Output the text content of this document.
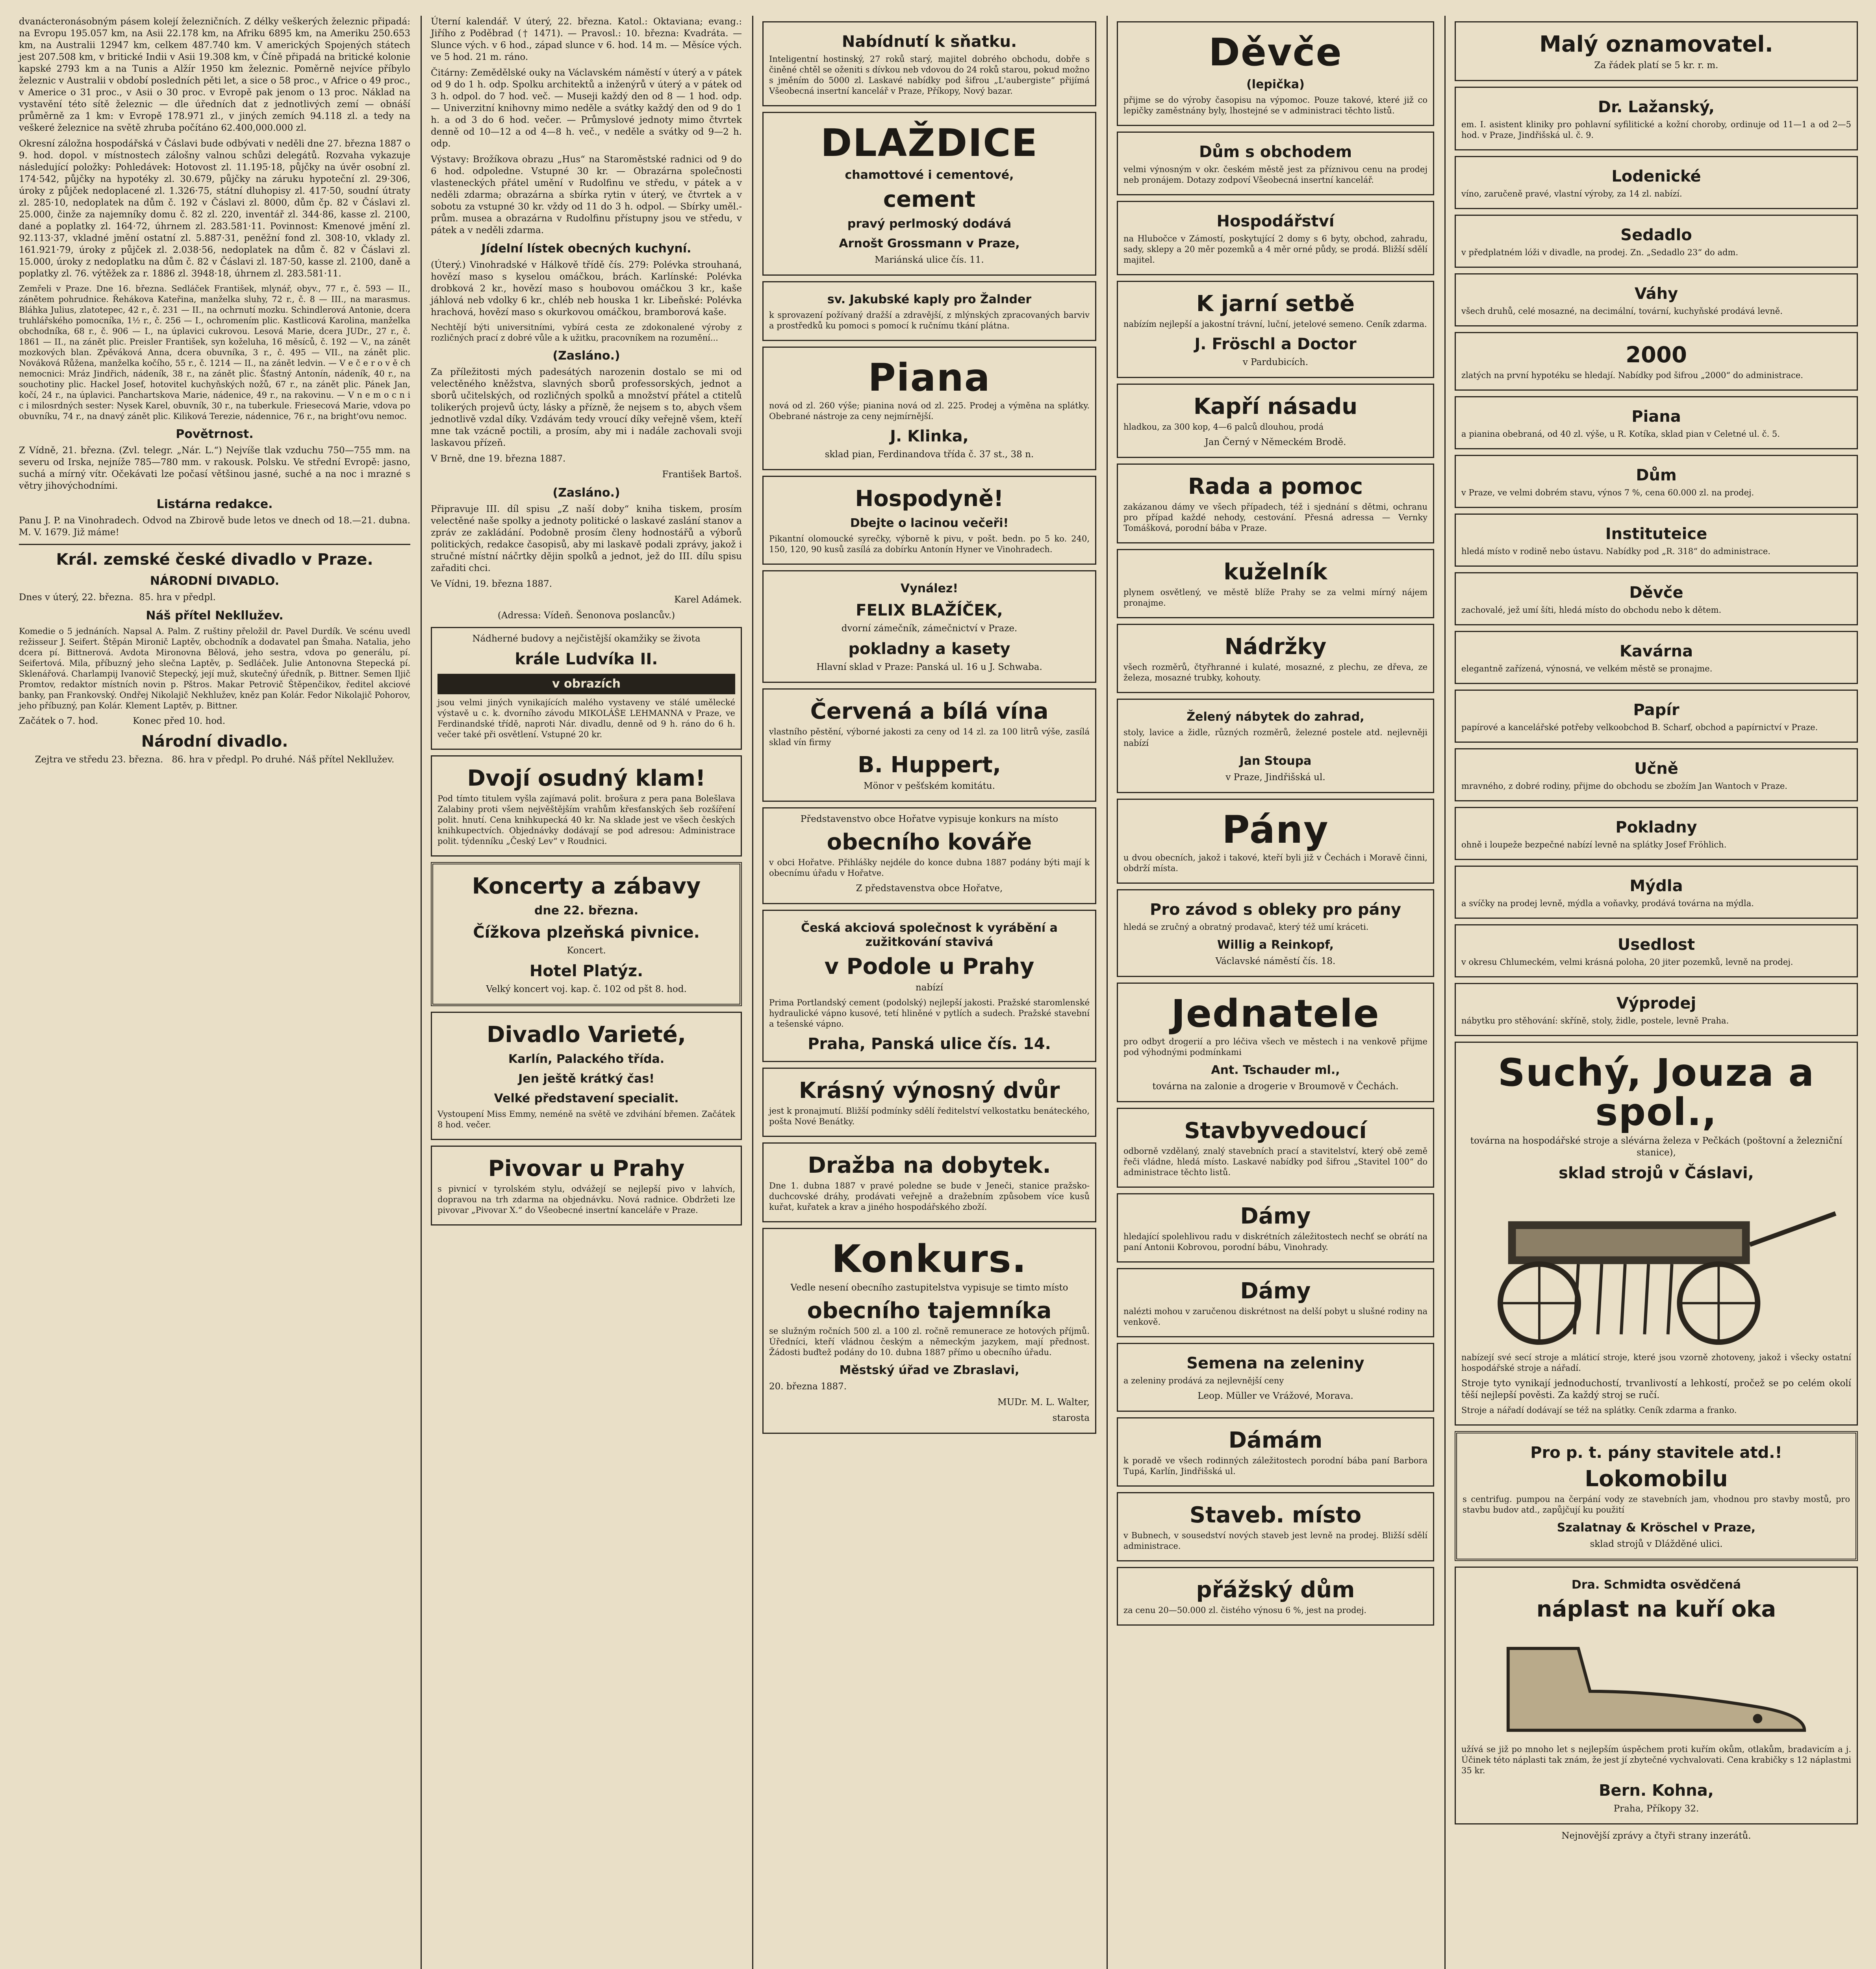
dvanácteronásobným pásem kolejí železničních. Z délky veškerých železnic připadá: na Evropu 195.057 km, na Asii 22.178 km, na Afriku 6895 km, na Ameriku 250.653 km, na Australii 12947 km, celkem 487.740 km. V amerických Spojených státech jest 207.508 km, v britické Indii v Asii 19.308 km, v Číně připadá na britické kolonie kapské 2793 km a na Tunis a Alžír 1950 km železnic. Poměrně nejvíce příbylo železnic v Australii v období posledních pěti let, a sice o 58 proc., v Africe o 49 proc., v Americe o 31 proc., v Asii o 30 proc. v Evropě pak jenom o 13 proc. Náklad na vystavění této sítě železnic — dle úředních dat z jednotlivých zemí — obnáší průměrně za 1 km: v Evropě 178.971 zl., v jiných zemích 94.118 zl. a tedy na veškeré železnice na světě zhruba počítáno 62.400,000.000 zl.

Okresní záložna hospodářská v Čáslavi bude odbývati v neděli dne 27. března 1887 o 9. hod. dopol. v místnostech zálošny valnou schůzi delegátů. Rozvaha vykazuje následující položky: Pohledávek: Hotovost zl. 11.195·18, půjčky na úvěr osobní zl. 174·542, půjčky na hypotéky zl. 30.679, půjčky na záruku hypoteční zl. 29·306, úroky z půjček nedoplacené zl. 1.326·75, státní dluhopisy zl. 417·50, soudní útraty zl. 285·10, nedoplatek na dům č. 192 v Čáslavi zl. 8000, dům čp. 82 v Čáslavi zl. 25.000, činže za najemníky domu č. 82 zl. 220, inventář zl. 344·86, kasse zl. 2100, dané a poplatky zl. 164·72, úhrnem zl. 283.581·11. Povinnost: Kmenové jmění zl. 92.113·37, vkladné jmění ostatní zl. 5.887·31, peněžní fond zl. 308·10, vklady zl. 161.921·79, úroky z půjček zl. 2.038·56, nedoplatek na dům č. 82 v Čáslavi zl. 15.000, úroky z nedoplatku na dům č. 82 v Čáslavi zl. 187·50, kasse zl. 2100, daně a poplatky zl. 76. výtěžek za r. 1886 zl. 3948·18, úhrnem zl. 283.581·11.

Zemřeli v Praze. Dne 16. března. Sedláček František, mlynář, obyv., 77 r., č. 593 — II., zánětem pohrudnice. Řehákova Kateřina, manželka sluhy, 72 r., č. 8 — III., na marasmus. Bláhka Julius, zlatotepec, 42 r., č. 231 — II., na ochrnutí mozku. Schindlerová Antonie, dcera truhlářského pomocníka, 1½ r., č. 256 — I., ochromením plic. Kastlicová Karolina, manželka obchodníka, 68 r., č. 906 — I., na úplavici cukrovou. Lesová Marie, dcera JUDr., 27 r., č. 1861 — II., na zánět plic. Preisler František, syn koželuha, 16 měsíců, č. 192 — V., na zánět mozkových blan. Zpěváková Anna, dcera obuvníka, 3 r., č. 495 — VII., na zánět plic. Nováková Růžena, manželka kočího, 55 r., č. 1214 — II., na zánět ledvin. — V e č e r o v ě ch nemocnici: Mráz Jindřich, nádeník, 38 r., na zánět plic. Šťastný Antonín, nádeník, 40 r., na souchotiny plic. Hackel Josef, hotovitel kuchyňských nožů, 67 r., na zánět plic. Pánek Jan, kočí, 24 r., na úplavici. Panchartskova Marie, nádenice, 49 r., na rakovinu. — V n e m o c n i c i milosrdných sester: Nysek Karel, obuvník, 30 r., na tuberkule. Friesecová Marie, vdova po obuvníku, 74 r., na dnavý zánět plic. Kiliková Terezie, nádennice, 76 r., na bright'ovu nemoc.

Povětrnost.

Z Vídně, 21. března. (Zvl. telegr. „Nár. L.“) Nejvíše tlak vzduchu 750—755 mm. na severu od Irska, nejníže 785—780 mm. v rakousk. Polsku. Ve střední Evropě: jasno, suchá a mírný vítr. Očekávati lze počasí většinou jasné, suché a na noc i mrazné s větry jihovýchodními.

Listárna redakce.

Panu J. P. na Vinohradech. Odvod na Zbirově bude letos ve dnech od 18.—21. dubna. M. V. 1679. Již máme!

Král. zemské české divadlo v Praze.
NÁRODNÍ DIVADLO.

Dnes v úterý, 22. března.  85. hra v předpl.

Náš přítel Nekllužev.

Komedie o 5 jednáních. Napsal A. Palm. Z ruštiny přeložil dr. Pavel Durdík. Ve scénu uvedl režisseur J. Seifert. Štěpán Mironič Laptěv, obchodník a dodavatel pan Šmaha. Natalia, jeho dcera pí. Bittnerová. Avdota Mironovna Bělová, jeho sestra, vdova po generálu, pí. Seifertová. Mila, příbuzný jeho slečna Laptěv, p. Sedláček. Julie Antonovna Stepecká pí. Sklenářová. Charlampij Ivanovič Stepecký, její muž, skutečný úředník, p. Bittner. Semen Iljič Promtov, redaktor místních novin p. Pštros. Makar Petrovič Štěpenčikov, ředitel akciové banky, pan Frankovský. Ondřej Nikolajič Nekhlužev, kněz pan Kolár. Fedor Nikolajič Pohorov, jeho příbuzný, pan Kolár. Klement Laptěv, p. Bittner.

Začátek o 7. hod.            Konec před 10. hod.

Národní divadlo.

Zejtra ve středu 23. března.   86. hra v předpl. Po druhé. Náš přítel Nekllužev.

Úterní kalendář. V úterý, 22. března. Katol.: Oktaviana; evang.: Jiřího z Poděbrad († 1471). — Pravosl.: 10. března: Kvadráta. — Slunce vých. v 6 hod., západ slunce v 6. hod. 14 m. — Měsíce vých. ve 5 hod. 21 m. ráno.

Čitárny: Zemědělské ouky na Václavském náměstí v úterý a v pátek od 9 do 1 h. odp. Spolku architektů a inženýrů v úterý a v pátek od 3 h. odpol. do 7 hod. več. — Museji každý den od 8 — 1 hod. odp. — Univerzitní knihovny mimo neděle a svátky každý den od 9 do 1 h. a od 3 do 6 hod. večer. — Průmyslové jednoty mimo čtvrtek denně od 10—12 a od 4—8 h. več., v neděle a svátky od 9—2 h. odp.

Výstavy: Brožíkova obrazu „Hus“ na Staroměstské radnici od 9 do 6 hod. odpoledne. Vstupné 30 kr. — Obrazárna společnosti vlasteneckých přátel umění v Rudolfinu ve středu, v pátek a v neděli zdarma; obrazárna a sbírka rytin v úterý, ve čtvrtek a v sobotu za vstupné 30 kr. vždy od 11 do 3 h. odpol. — Sbírky uměl.-prům. musea a obrazárna v Rudolfinu přístupny jsou ve středu, v pátek a v neděli zdarma.

Jídelní lístek obecných kuchyní.

(Úterý.) Vinohradské v Hálkově třídě čís. 279: Polévka strouhaná, hovězí maso s kyselou omáčkou, brách. Karlínské: Polévka drobková 2 kr., hovězí maso s houbovou omáčkou 3 kr., kaše jáhlová neb vdolky 6 kr., chléb neb houska 1 kr. Libeňské: Polévka hrachová, hovězí maso s okurkovou omáčkou, bramborová kaše.

Nechtějí býti universitními, vybírá cesta ze zdokonalené výroby z rozličných prací z dobré vůle a k užitku, pracovníkem na rozumění...

(Zasláno.)

Za příležitosti mých padesátých narozenin dostalo se mi od velectěného kněžstva, slavných sborů professorských, jednot a sborů učitelských, od rozličných spolků a množství přátel a ctitelů tolikerých projevů úcty, lásky a přízně, že nejsem s to, abych všem jednotlivě vzdal díky. Vzdávám tedy vroucí díky veřejně všem, kteří mne tak vzácně poctili, a prosím, aby mi i nadále zachovali svoji laskavou přízeň.

V Brně, dne 19. března 1887.

František Bartoš.

(Zasláno.)

Připravuje III. díl spisu „Z naší doby“ kniha tiskem, prosím velectěné naše spolky a jednoty politické o laskavé zaslání stanov a zpráv ze zakládání. Podobně prosím členy hodnostářů a výborů politických, redakce časopisů, aby mi laskavě podali zprávy, jakož i stručné místní náčrtky dějin spolků a jednot, jež do III. dílu spisu zařaditi chci.

Ve Vídni, 19. března 1887.

Karel Adámek.

(Adressa: Vídeň. Šenonova poslancův.)

Nádherné budovy a nejčistější okamžiky se života

krále Ludvíka II.
v obrazích

jsou velmi jiných vynikajících malého vystaveny ve stálé umělecké výstavě u c. k. dvorního závodu MIKOLÁŠE LEHMANNA v Praze, ve Ferdinandské třídě, naproti Nár. divadlu, denně od 9 h. ráno do 6 h. večer také při osvětlení. Vstupné 20 kr.

Dvojí osudný klam!

Pod tímto titulem vyšla zajímavá polit. brošura z pera pana Bolešlava Zalabiny proti všem nejvěštějším vrahům křesťanských šeb rozšíření polit. hnutí. Cena knihkupecká 40 kr. Na sklade jest ve všech českých knihkupectvích. Objednávky dodávají se pod adresou: Administrace polit. týdenníku „Český Lev“ v Roudnici.

Koncerty a zábavy
dne 22. března.
Čížkova plzeňská pivnice.

Koncert.

Hotel Platýz.

Velký koncert voj. kap. č. 102 od pšt 8. hod.

Divadlo Varieté,
Karlín, Palackého třída.
Jen ještě krátký čas!
Velké představení specialit.

Vystoupení Miss Emmy, neméně na světě ve zdvihání břemen. Začátek 8 hod. večer.

Pivovar u Prahy

s pivnicí v tyrolském stylu, odvážejí se nejlepší pivo v lahvích, dopravou na trh zdarma na objednávku. Nová radnice. Obdržeti lze pivovar „Pivovar X.“ do Všeobecné insertní kanceláře v Praze.

Nabídnutí k sňatku.

Inteligentní hostinský, 27 roků starý, majitel dobrého obchodu, dobře s činěné chtěl se oženiti s dívkou neb vdovou do 24 roků starou, pokud možno s jměním do 5000 zl. Laskavé nabídky pod šifrou „L'aubergiste“ přijímá Všeobecná insertní kancelář v Praze, Příkopy, Nový bazar.

DLAŽDICE
chamottové i cementové,
cement
pravý perlmoský dodává
Arnošt Grossmann v Praze,

Mariánská ulice čís. 11.

sv. Jakubské kaply pro Žalnder

k sprovazení požívaný dražší a zdravější, z mlýnských zpracovaných barviv a prostředků ku pomoci s pomocí k ručnímu tkání plátna.

Piana

nová od zl. 260 výše; pianina nová od zl. 225. Prodej a výměna na splátky. Obebrané nástroje za ceny nejmírnější.

J. Klinka,

sklad pian, Ferdinandova třída č. 37 st., 38 n.

Hospodyně!
Dbejte o lacinou večeři!

Pikantní olomoucké syrečky, výborně k pivu, v pošt. bedn. po 5 ko. 240, 150, 120, 90 kusů zasílá za dobírku Antonín Hyner ve Vinohradech.

Vynález!
FELIX BLAŽÍČEK,

dvorní zámečník, zámečnictví v Praze.

pokladny a kasety

Hlavní sklad v Praze: Panská ul. 16 u J. Schwaba.

Červená a bílá vína

vlastního pěstění, výborné jakosti za ceny od 14 zl. za 100 litrů výše, zasílá sklad vín firmy

B. Huppert,

Mönor v pešťském komitátu.

Představenstvo obce Hořatve vypisuje konkurs na místo

obecního kováře

v obci Hořatve. Přihlášky nejdéle do konce dubna 1887 podány býti mají k obecnímu úřadu v Hořatve.

Z představenstva obce Hořatve,

Česká akciová společnost k vyrábění a zužitkování stavivá
v Podole u Prahy

nabízí

Prima Portlandský cement (podolský) nejlepší jakosti. Pražské staromlenské hydraulické vápno kusové, tetí hliněné v pytlích a sudech. Pražské stavební a tešenské vápno.

Praha, Panská ulice čís. 14.
Krásný výnosný dvůr

jest k pronajmutí. Bližší podmínky sdělí ředitelství velkostatku benáteckého, pošta Nové Benátky.

Dražba na dobytek.

Dne 1. dubna 1887 v pravé poledne se bude v Jeneči, stanice pražsko-duchcovské dráhy, prodávati veřejně a dražebním způsobem více kusů kuřat, kuřatek a krav a jiného hospodářského zboží.

Konkurs.

Vedle nesení obecního zastupitelstva vypisuje se timto místo

obecního tajemníka

se služným ročních 500 zl. a 100 zl. ročně remunerace ze hotových příjmů. Úředníci, kteří vládnou českým a německým jazykem, mají přednost. Žádosti buďtež podány do 10. dubna 1887 přímo u obecního úřadu.

Městský úřad ve Zbraslavi,

20. března 1887.

MUDr. M. L. Walter,

starosta

Děvče
(lepička)

přijme se do výroby časopisu na výpomoc. Pouze takové, které již co lepičky zaměstnány byly, lhostejné se v administraci těchto listů.

Dům s obchodem

velmi výnosným v okr. českém městě jest za příznivou cenu na prodej neb pronájem. Dotazy zodpoví Všeobecná insertní kancelář.

Hospodářství

na Hlubočce v Zámostí, poskytující 2 domy s 6 byty, obchod, zahradu, sady, sklepy a 20 měr pozemků a 4 měr orné půdy, se prodá. Bližší sdělí majitel.

K jarní setbě

nabízím nejlepší a jakostní trávní, luční, jetelové semeno. Ceník zdarma.

J. Fröschl a Doctor

v Pardubicích.

Kapří násadu

hladkou, za 300 kop, 4—6 palců dlouhou, prodá

Jan Černý v Německém Brodě.

Rada a pomoc

zakázanou dámy ve všech případech, též i sjednání s dětmi, ochranu pro případ každé nehody, cestování. Přesná adressa — Vernky Tomášková, porodní bába v Praze.

kuželník

plynem osvětlený, ve městě blíže Prahy se za velmi mírný nájem pronajme.

Nádržky

všech rozměrů, čtyřhranné i kulaté, mosazné, z plechu, ze dřeva, ze železa, mosazné trubky, kohouty.

Želený nábytek do zahrad,

stoly, lavice a židle, různých rozměrů, železné postele atd. nejlevněji nabízí

Jan Stoupa

v Praze, Jindřišská ul.

Pány

u dvou obecních, jakož i takové, kteří byli již v Čechách i Moravě činni, obdrží místa.

Pro závod s obleky pro pány

hledá se zručný a obratný prodavač, který též umí kráceti.

Willig a Reinkopf,

Václavské náměstí čís. 18.

Jednatele

pro odbyt drogerií a pro léčiva všech ve městech i na venkově přijme pod výhodnými podmínkami

Ant. Tschauder ml.,

továrna na zalonie a drogerie v Broumově v Čechách.

Stavbyvedoucí

odborně vzdělaný, znalý stavebních prací a stavitelství, který obě země řeči vládne, hledá místo. Laskavé nabídky pod šifrou „Stavitel 100“ do administrace těchto listů.

Dámy

hledající spolehlivou radu v diskrétních záležitostech nechť se obrátí na paní Antonii Kobrovou, porodní bábu, Vinohrady.

Dámy

nalézti mohou v zaručenou diskrétnost na delší pobyt u slušné rodiny na venkově.

Semena na zeleniny

a zeleniny prodává za nejlevnější ceny

Leop. Müller ve Vrážové, Morava.

Dámám

k poradě ve všech rodinných záležitostech porodní bába paní Barbora Tupá, Karlín, Jindřišská ul.

Staveb. místo

v Bubnech, v sousedství nových staveb jest levně na prodej. Bližší sdělí administrace.

přážský dům

za cenu 20—50.000 zl. čistého výnosu 6 %, jest na prodej.

Malý oznamovatel.

Za řádek platí se 5 kr. r. m.

Dr. Lažanský,

em. I. asistent kliniky pro pohlavní syfilitické a kožní choroby, ordinuje od 11—1 a od 2—5 hod. v Praze, Jindřišská ul. č. 9.

Lodenické

víno, zaručeně pravé, vlastní výroby, za 14 zl. nabízí.

Sedadlo

v předplatném lóži v divadle, na prodej. Zn. „Sedadlo 23“ do adm.

Váhy

všech druhů, celé mosazné, na decimální, tovární, kuchyňské prodává levně.

2000

zlatých na první hypotéku se hledají. Nabídky pod šifrou „2000“ do administrace.

Piana

a pianina obebraná, od 40 zl. výše, u R. Kotíka, sklad pian v Celetné ul. č. 5.

Dům

v Praze, ve velmi dobrém stavu, výnos 7 %, cena 60.000 zl. na prodej.

Instituteice

hledá místo v rodině nebo ústavu. Nabídky pod „R. 318“ do administrace.

Děvče

zachovalé, jež umí šíti, hledá místo do obchodu nebo k dětem.

Kavárna

elegantně zařízená, výnosná, ve velkém městě se pronajme.

Papír

papírové a kancelářské potřeby velkoobchod B. Scharf, obchod a papírnictví v Praze.

Učně

mravného, z dobré rodiny, přijme do obchodu se zbožím Jan Wantoch v Praze.

Pokladny

ohně i loupeže bezpečné nabízí levně na splátky Josef Fröhlich.

Mýdla

a svíčky na prodej levně, mýdla a voňavky, prodává továrna na mýdla.

Usedlost

v okresu Chlumeckém, velmi krásná poloha, 20 jiter pozemků, levně na prodej.

Výprodej

nábytku pro stěhování: skříně, stoly, židle, postele, levně Praha.

Suchý, Jouza a spol.,

továrna na hospodářské stroje a slévárna železa v Pečkách (poštovní a železniční stanice),

sklad strojů v Čáslavi,

nabízejí své secí stroje a mláticí stroje, které jsou vzorně zhotoveny, jakož i všecky ostatní hospodářské stroje a nářadí.

Stroje tyto vynikají jednoduchostí, trvanlivostí a lehkostí, pročež se po celém okolí těší nejlepší pověsti. Za každý stroj se ručí.

Stroje a nářadí dodávají se též na splátky. Ceník zdarma a franko.

Pro p. t. pány stavitele atd.!
Lokomobilu

s centrifug. pumpou na čerpání vody ze stavebních jam, vhodnou pro stavby mostů, pro stavbu budov atd., zapůjčují ku použití

Szalatnay & Kröschel v Praze,

sklad strojů v Dlážděné ulici.

Dra. Schmidta osvědčená
náplast na kuří oka

užívá se již po mnoho let s nejlepším úspěchem proti kuřím okům, otlakům, bradavicím a j. Účinek této náplasti tak znám, že jest jí zbytečné vychvalovati. Cena krabičky s 12 náplastmi 35 kr.

Bern. Kohna,

Praha, Příkopy 32.

Nejnovější zprávy a čtyři strany inzerátů.
